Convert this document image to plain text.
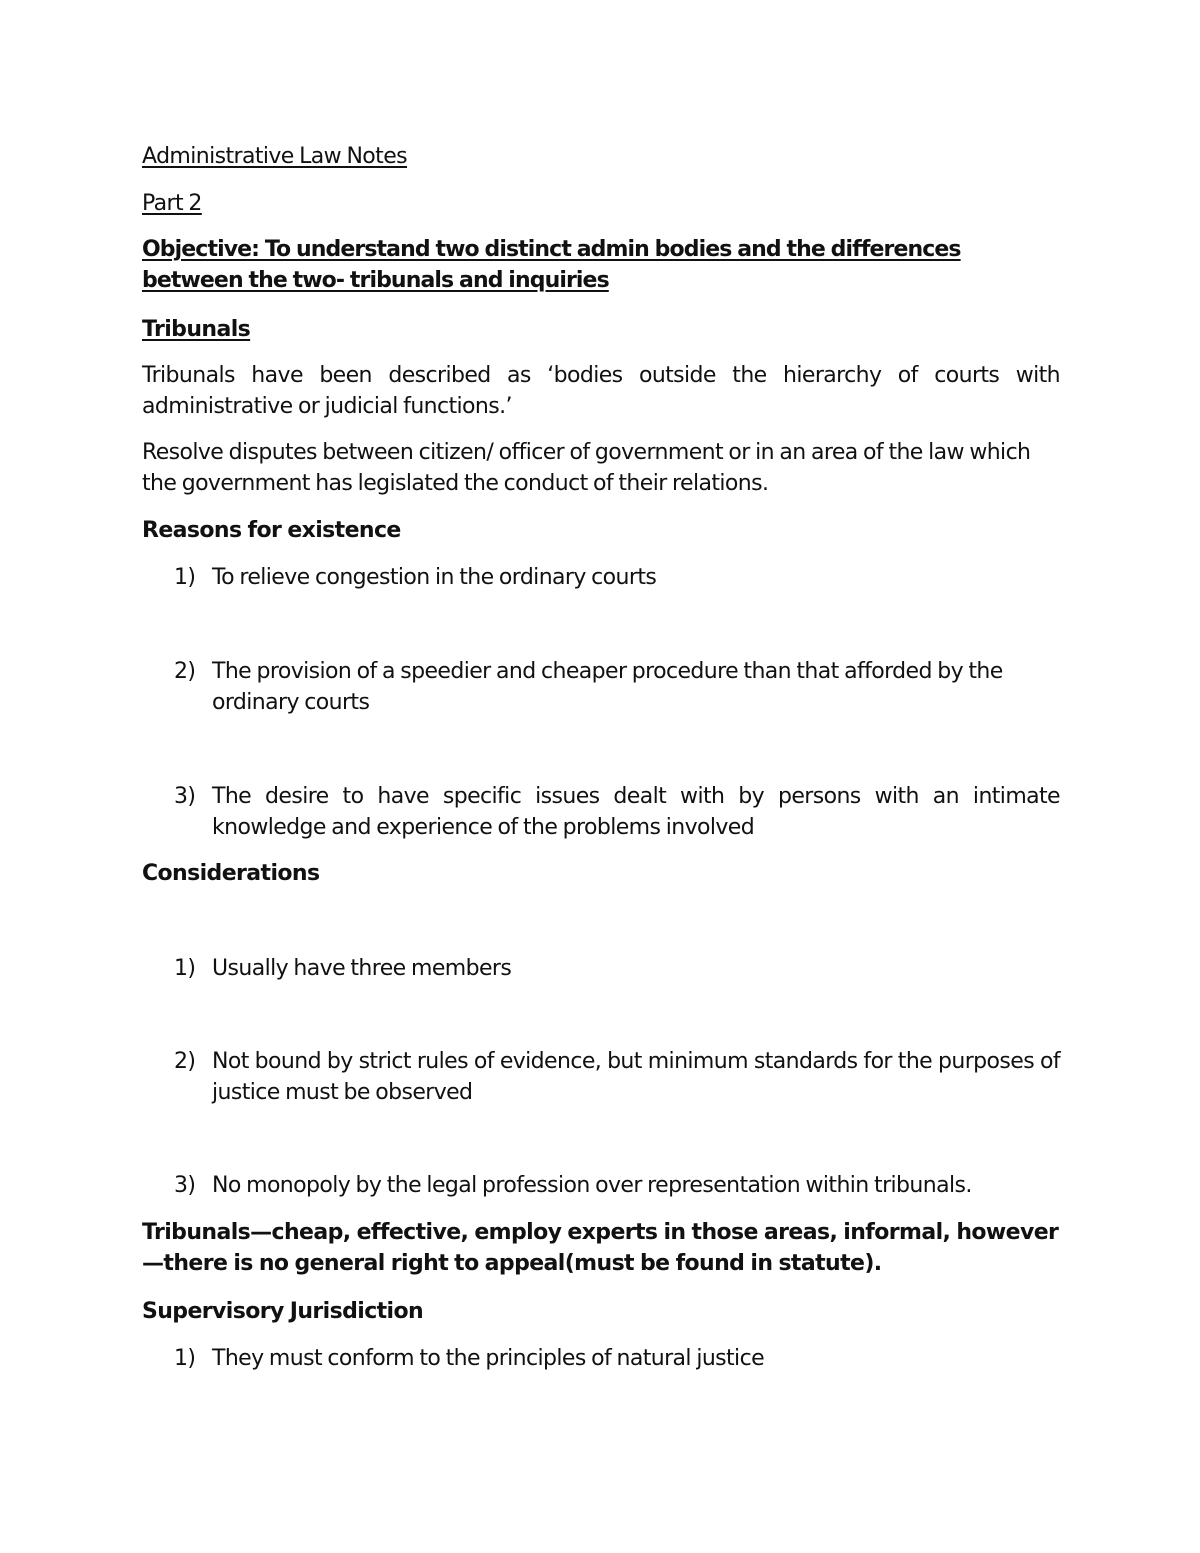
Administrative Law Notes
Part 2
Objective: To understand two distinct admin bodies and the differences between the two- tribunals and inquiries
Tribunals
Tribunals have been described as ‘bodies outside the hierarchy of courts with administrative or judicial functions.’
Resolve disputes between citizen/ officer of government or in an area of the law which the government has legislated the conduct of their relations.
Reasons for existence
1) To relieve congestion in the ordinary courts
2) The provision of a speedier and cheaper procedure than that afforded by the ordinary courts
3) The desire to have specific issues dealt with by persons with an intimate knowledge and experience of the problems involved
Considerations
1) Usually have three members
2) Not bound by strict rules of evidence, but minimum standards for the purposes of justice must be observed
3) No monopoly by the legal profession over representation within tribunals.
Tribunals—cheap, effective, employ experts in those areas, informal, however—there is no general right to appeal(must be found in statute).
Supervisory Jurisdiction
1) They must conform to the principles of natural justice
